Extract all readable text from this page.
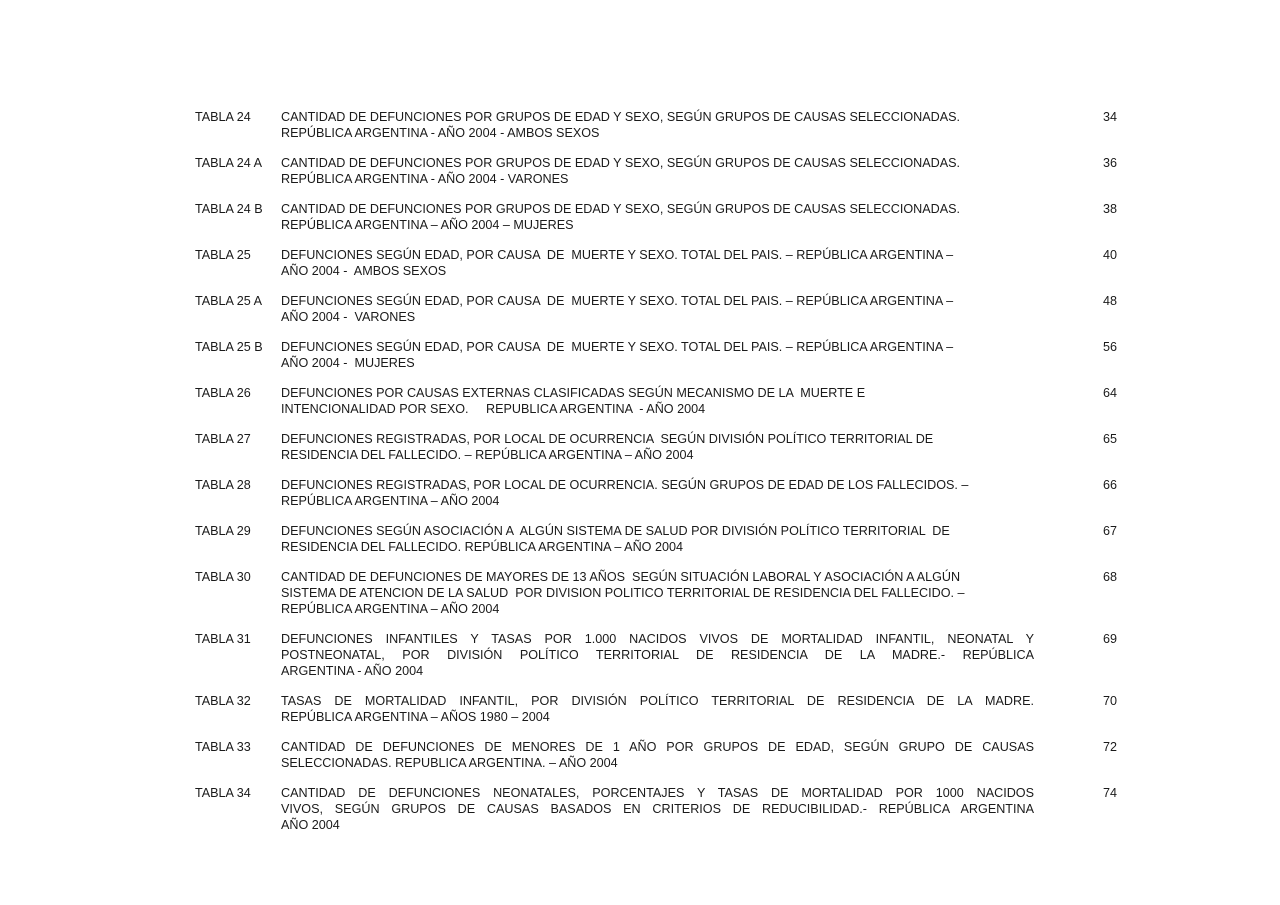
TABLA 24	CANTIDAD DE DEFUNCIONES POR GRUPOS DE EDAD Y SEXO, SEGÚN GRUPOS DE CAUSAS SELECCIONADAS.
REPÚBLICA ARGENTINA - AÑO 2004 - AMBOS SEXOS
34
TABLA 24 A	CANTIDAD DE DEFUNCIONES POR GRUPOS DE EDAD Y SEXO, SEGÚN GRUPOS DE CAUSAS SELECCIONADAS.
REPÚBLICA ARGENTINA - AÑO 2004 - VARONES
36
TABLA 24 B	CANTIDAD DE DEFUNCIONES POR GRUPOS DE EDAD Y SEXO, SEGÚN GRUPOS DE CAUSAS SELECCIONADAS.
REPÚBLICA ARGENTINA – AÑO 2004 – MUJERES
38
TABLA 25	DEFUNCIONES SEGÚN EDAD, POR CAUSA  DE  MUERTE Y SEXO. TOTAL DEL PAIS. – REPÚBLICA ARGENTINA –
AÑO 2004 -  AMBOS SEXOS
40
TABLA 25 A	DEFUNCIONES SEGÚN EDAD, POR CAUSA  DE  MUERTE Y SEXO. TOTAL DEL PAIS. – REPÚBLICA ARGENTINA –
AÑO 2004 -  VARONES
48
TABLA 25 B	DEFUNCIONES SEGÚN EDAD, POR CAUSA  DE  MUERTE Y SEXO. TOTAL DEL PAIS. – REPÚBLICA ARGENTINA –
AÑO 2004 -  MUJERES
56
TABLA 26	DEFUNCIONES POR CAUSAS EXTERNAS CLASIFICADAS SEGÚN MECANISMO DE LA  MUERTE E
INTENCIONALIDAD POR SEXO.     REPUBLICA ARGENTINA  - AÑO 2004
64
TABLA 27	DEFUNCIONES REGISTRADAS, POR LOCAL DE OCURRENCIA  SEGÚN DIVISIÓN POLÍTICO TERRITORIAL DE
RESIDENCIA DEL FALLECIDO. – REPÚBLICA ARGENTINA – AÑO 2004
65
TABLA 28	DEFUNCIONES REGISTRADAS, POR LOCAL DE OCURRENCIA. SEGÚN GRUPOS DE EDAD DE LOS FALLECIDOS. –
REPÚBLICA ARGENTINA – AÑO 2004
66
TABLA 29	DEFUNCIONES SEGÚN ASOCIACIÓN A  ALGÚN SISTEMA DE SALUD POR DIVISIÓN POLÍTICO TERRITORIAL  DE
RESIDENCIA DEL FALLECIDO. REPÚBLICA ARGENTINA – AÑO 2004
67
TABLA 30	CANTIDAD DE DEFUNCIONES DE MAYORES DE 13 AÑOS  SEGÚN SITUACIÓN LABORAL Y ASOCIACIÓN A ALGÚN
SISTEMA DE ATENCION DE LA SALUD  POR DIVISION POLITICO TERRITORIAL DE RESIDENCIA DEL FALLECIDO. –
REPÚBLICA ARGENTINA – AÑO 2004
68
TABLA 31	DEFUNCIONES INFANTILES Y TASAS POR 1.000 NACIDOS VIVOS DE MORTALIDAD INFANTIL, NEONATAL Y
POSTNEONATAL, POR DIVISIÓN POLÍTICO TERRITORIAL DE RESIDENCIA DE LA MADRE.- REPÚBLICA
ARGENTINA - AÑO 2004
69
TABLA 32	TASAS DE MORTALIDAD INFANTIL, POR DIVISIÓN POLÍTICO TERRITORIAL DE RESIDENCIA DE LA MADRE.
REPÚBLICA ARGENTINA – AÑOS 1980 – 2004
70
TABLA 33	CANTIDAD DE DEFUNCIONES DE MENORES DE 1 AÑO POR GRUPOS DE EDAD, SEGÚN GRUPO DE CAUSAS
SELECCIONADAS. REPUBLICA ARGENTINA. – AÑO 2004
72
TABLA 34	CANTIDAD DE DEFUNCIONES NEONATALES, PORCENTAJES Y TASAS DE MORTALIDAD POR 1000 NACIDOS
VIVOS, SEGÚN GRUPOS DE CAUSAS BASADOS EN CRITERIOS DE REDUCIBILIDAD.- REPÚBLICA ARGENTINA
AÑO 2004
74
